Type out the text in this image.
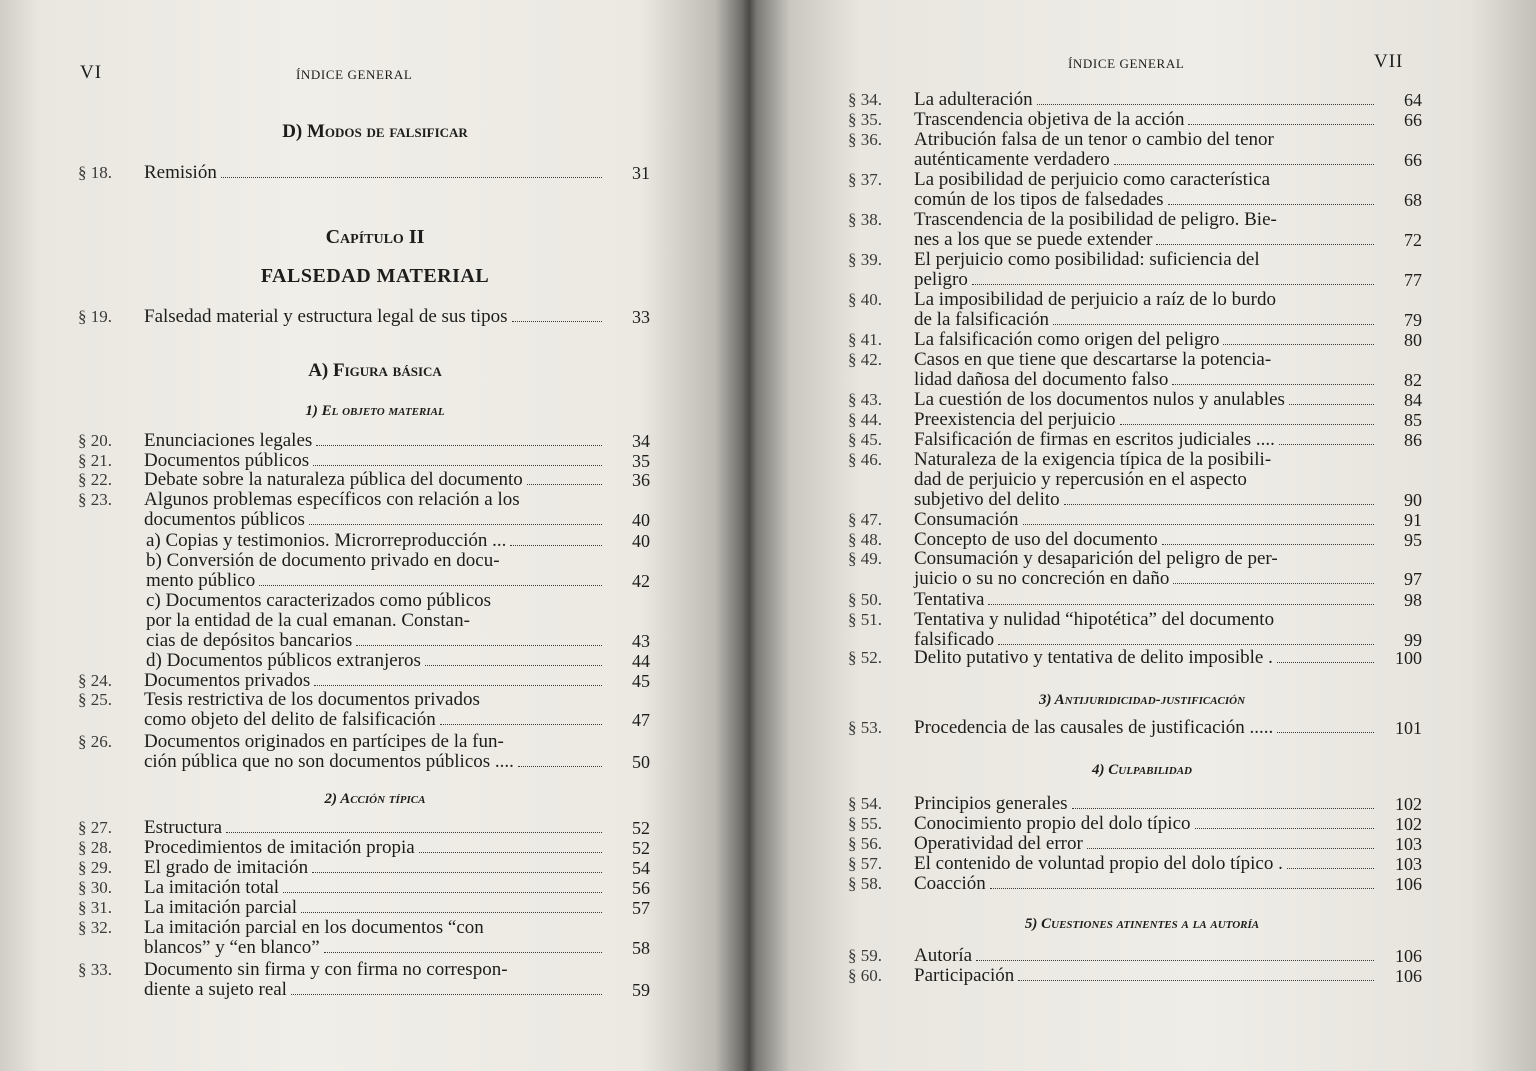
VI	ÍNDICE GENERAL
D) Modos de falsificar
Capítulo II
FALSEDAD MATERIAL
A) Figura básica
1) El objeto material
2) Acción típica
§ 18. Remisión	31
§ 19. Falsedad material y estructura legal de sus tipos	33
§ 20. Enunciaciones legales	34
§ 21. Documentos públicos	35
§ 22. Debate sobre la naturaleza pública del documento	36
§ 23. Algunos problemas específicos con relación a los
documentos públicos	40
a) Copias y testimonios. Microrreproducción ...	40
b) Conversión de documento privado en docu-
mento público	42
c) Documentos caracterizados como públicos
por la entidad de la cual emanan. Constan-
cias de depósitos bancarios	43
d) Documentos públicos extranjeros	44
§ 24. Documentos privados	45
§ 25. Tesis restrictiva de los documentos privados
como objeto del delito de falsificación	47
§ 26. Documentos originados en partícipes de la fun-
ción pública que no son documentos públicos ....	50
§ 27. Estructura	52
§ 28. Procedimientos de imitación propia	52
§ 29. El grado de imitación	54
§ 30. La imitación total	56
§ 31. La imitación parcial	57
§ 32. La imitación parcial en los documentos “con
blancos” y “en blanco”	58
§ 33. Documento sin firma y con firma no correspon-
diente a sujeto real	59
VII
ÍNDICE GENERAL
3) Antijuridicidad-justificación
4) Culpabilidad
5) Cuestiones atinentes a la autoría
§ 34. La adulteración	64
§ 35. Trascendencia objetiva de la acción	66
§ 36. Atribución falsa de un tenor o cambio del tenor
auténticamente verdadero	66
§ 37. La posibilidad de perjuicio como característica
común de los tipos de falsedades	68
§ 38. Trascendencia de la posibilidad de peligro. Bie-
nes a los que se puede extender	72
§ 39. El perjuicio como posibilidad: suficiencia del
peligro	77
§ 40. La imposibilidad de perjuicio a raíz de lo burdo
de la falsificación	79
§ 41. La falsificación como origen del peligro	80
§ 42. Casos en que tiene que descartarse la potencia-
lidad dañosa del documento falso	82
§ 43. La cuestión de los documentos nulos y anulables	84
§ 44. Preexistencia del perjuicio	85
§ 45. Falsificación de firmas en escritos judiciales ....	86
§ 46. Naturaleza de la exigencia típica de la posibili-
dad de perjuicio y repercusión en el aspecto
subjetivo del delito	90
§ 47. Consumación	91
§ 48. Concepto de uso del documento	95
§ 49. Consumación y desaparición del peligro de per-
juicio o su no concreción en daño	97
§ 50. Tentativa	98
§ 51. Tentativa y nulidad “hipotética” del documento
falsificado	99
§ 52. Delito putativo y tentativa de delito imposible .	100
§ 53. Procedencia de las causales de justificación .....	101
§ 54. Principios generales	102
§ 55. Conocimiento propio del dolo típico	102
§ 56. Operatividad del error	103
§ 57. El contenido de voluntad propio del dolo típico .	103
§ 58. Coacción	106
§ 59. Autoría	106
§ 60. Participación	106
